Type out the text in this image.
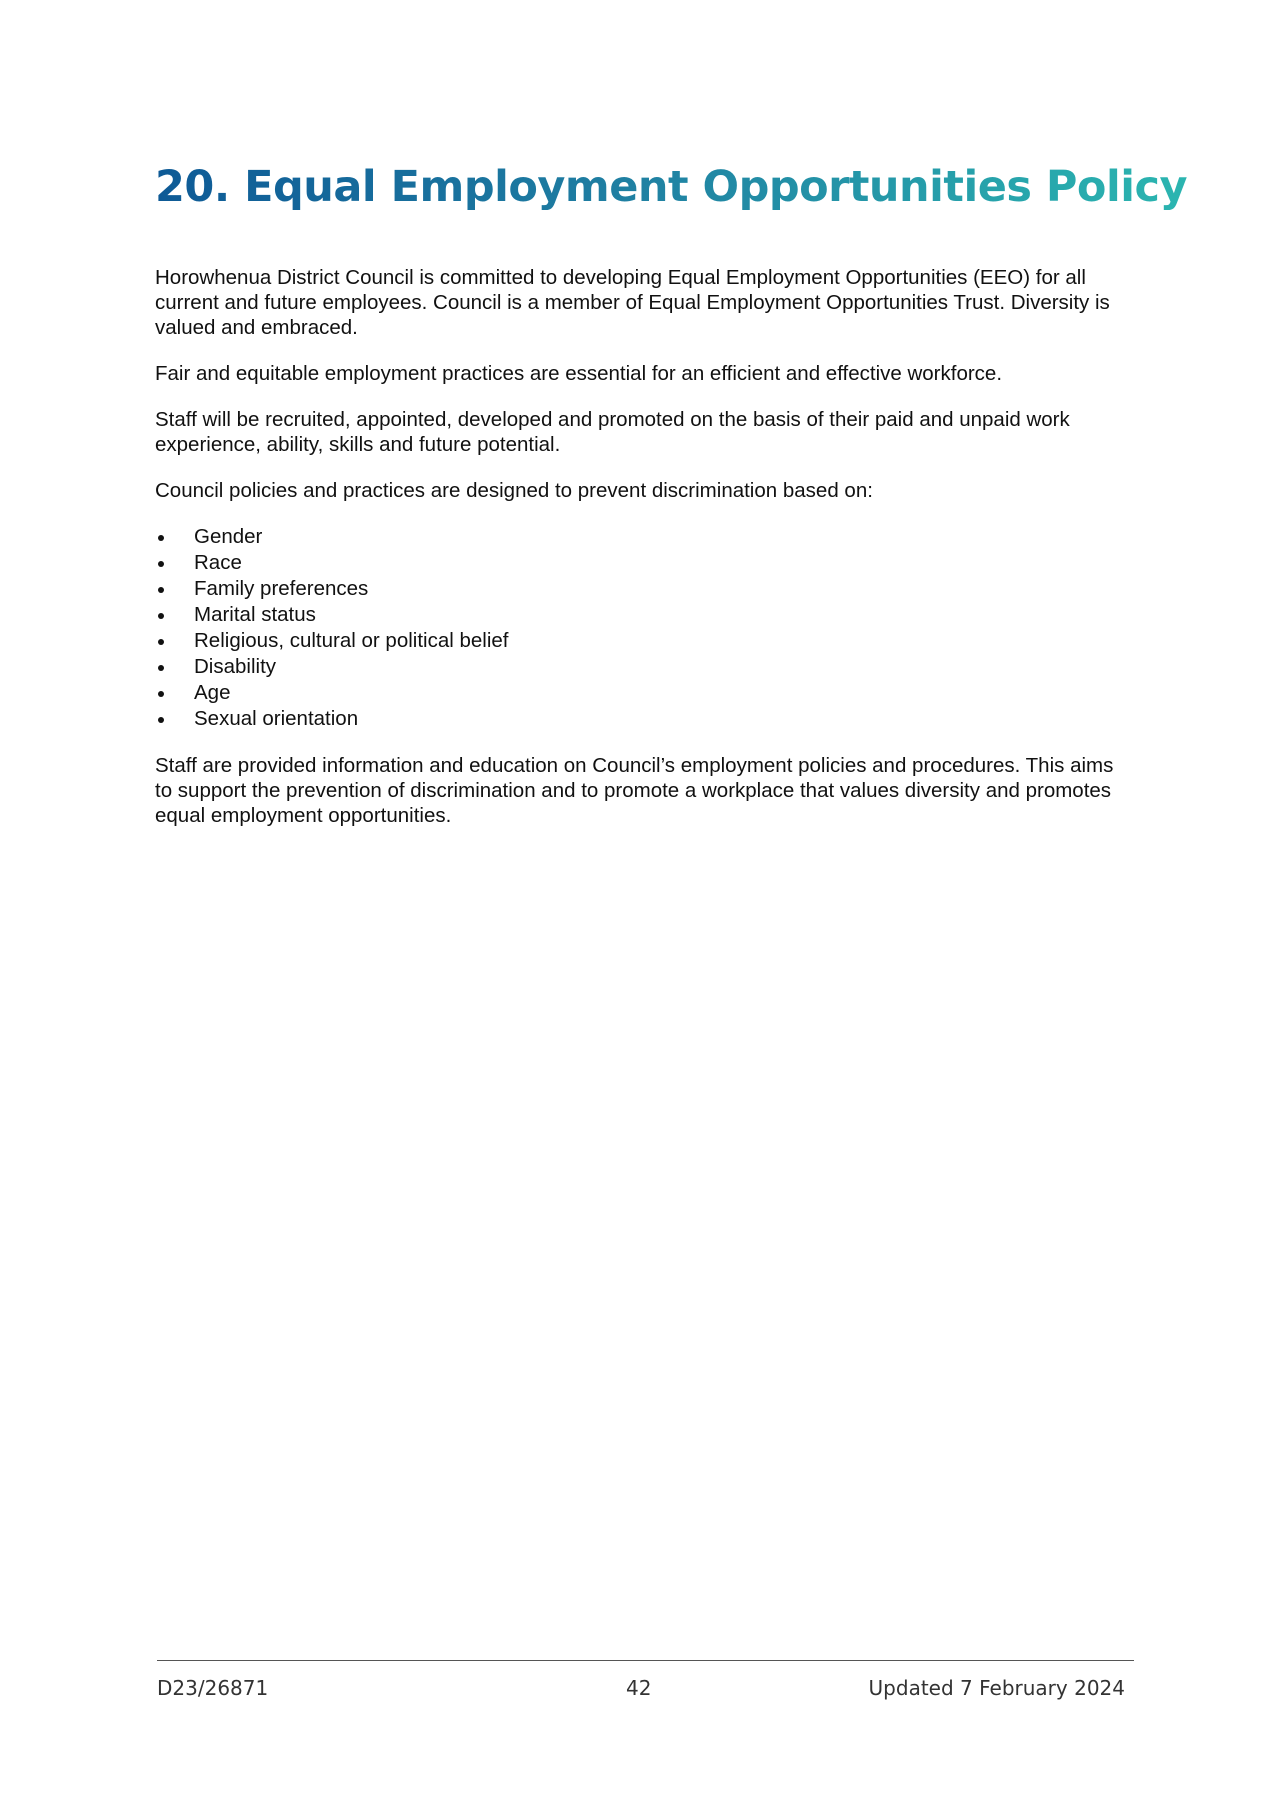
20. Equal Employment Opportunities Policy

Horowhenua District Council is committed to developing Equal Employment Opportunities (EEO) for all current and future employees. Council is a member of Equal Employment Opportunities Trust. Diversity is valued and embraced.

Fair and equitable employment practices are essential for an efficient and effective workforce.

Staff will be recruited, appointed, developed and promoted on the basis of their paid and unpaid work experience, ability, skills and future potential.

Council policies and practices are designed to prevent discrimination based on:

Gender
Race
Family preferences
Marital status
Religious, cultural or political belief
Disability
Age
Sexual orientation

Staff are provided information and education on Council’s employment policies and procedures. This aims to support the prevention of discrimination and to promote a workplace that values diversity and promotes equal employment opportunities.

D23/26871	42	Updated 7 February 2024
